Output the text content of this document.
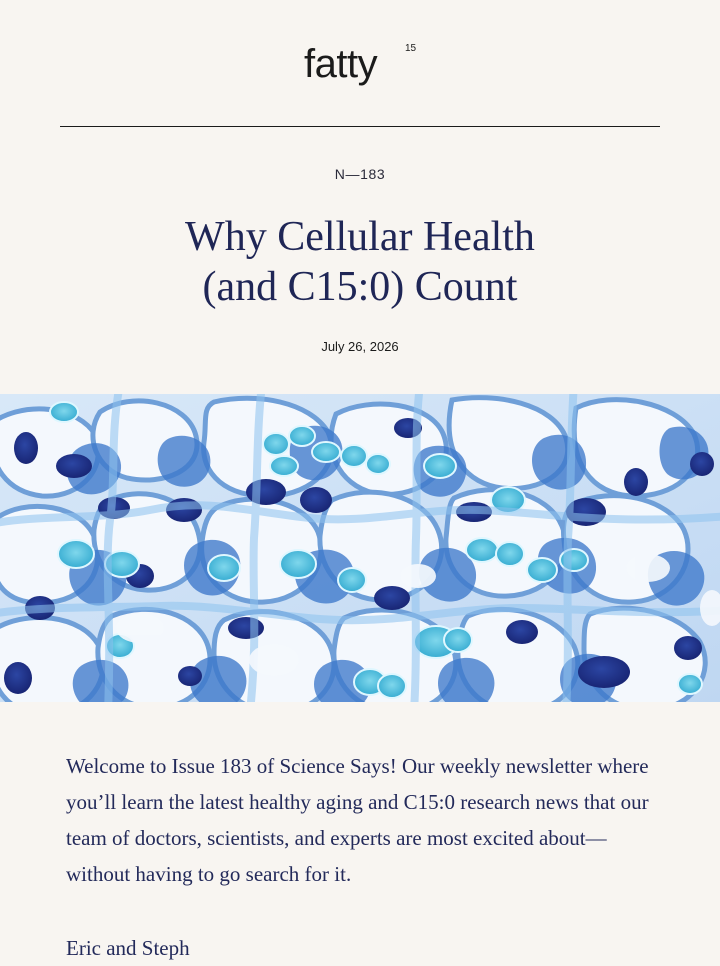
fatty	15
N—183
Why Cellular Health
(and C15:0) Count
July 26, 2026
Welcome to Issue 183 of Science Says! Our weekly newsletter where you’ll learn the latest healthy aging and C15:0 research news that our team of doctors, scientists, and experts are most excited about—without having to go search for it.
Eric and Steph
